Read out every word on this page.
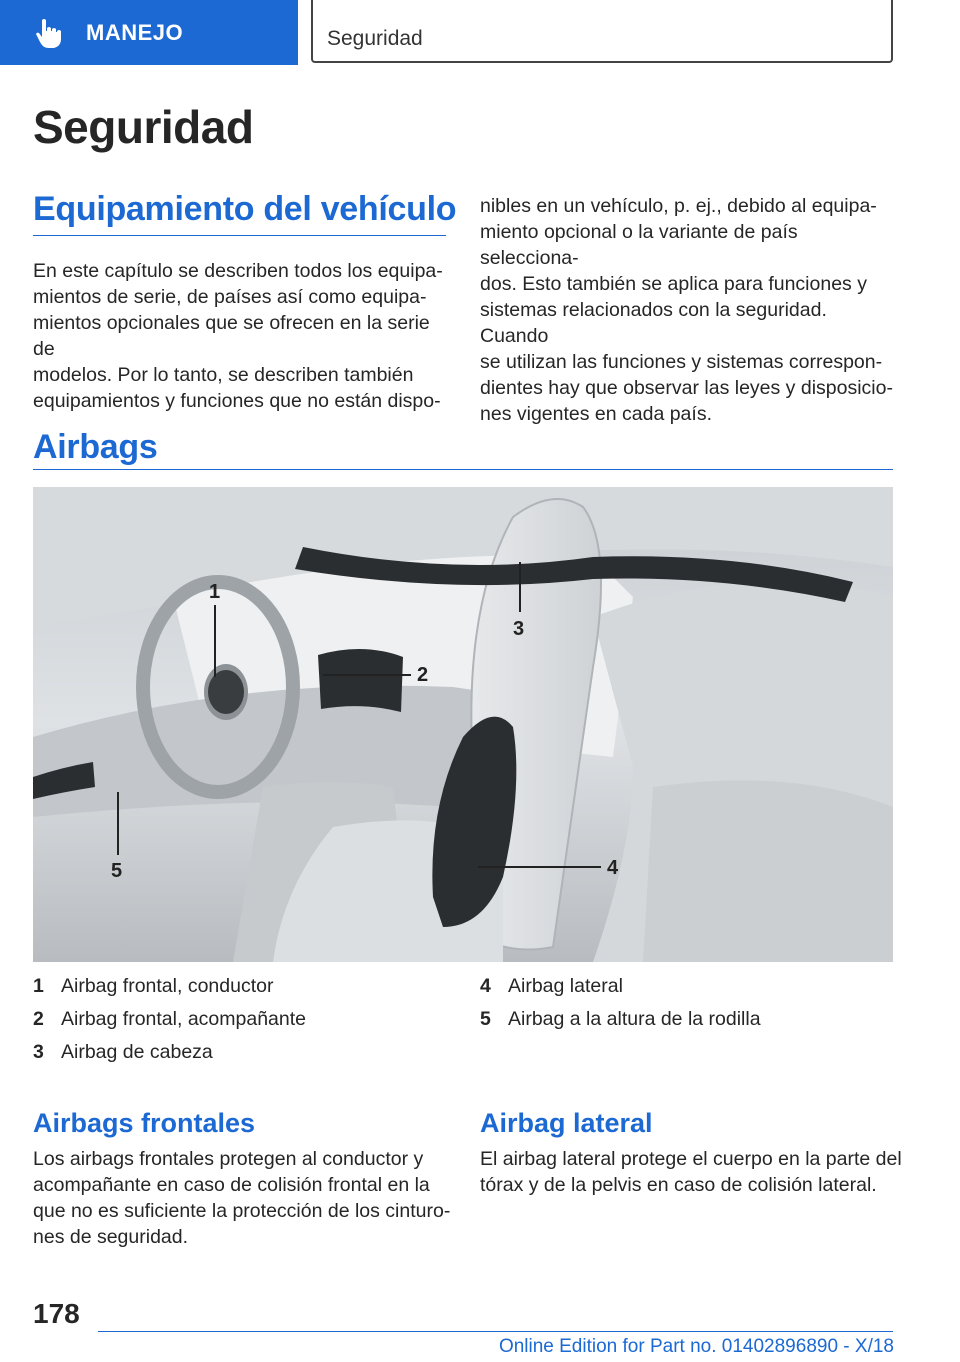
MANEJO	Seguridad
Seguridad
Equipamiento del vehículo
En este capítulo se describen todos los equipa-
mientos de serie, de países así como equipa-
mientos opcionales que se ofrecen en la serie de
modelos. Por lo tanto, se describen también
equipamientos y funciones que no están dispo-
nibles en un vehículo, p. ej., debido al equipa-
miento opcional o la variante de país selecciona-
dos. Esto también se aplica para funciones y
sistemas relacionados con la seguridad. Cuando
se utilizan las funciones y sistemas correspon-
dientes hay que observar las leyes y disposicio-
nes vigentes en cada país.
Airbags
1
2
3
4
5
1 Airbag frontal, conductor
2 Airbag frontal, acompañante
3 Airbag de cabeza
4 Airbag lateral
5 Airbag a la altura de la rodilla
Airbags frontales
Los airbags frontales protegen al conductor y
acompañante en caso de colisión frontal en la
que no es suficiente la protección de los cinturo-
nes de seguridad.
Airbag lateral
El airbag lateral protege el cuerpo en la parte del
tórax y de la pelvis en caso de colisión lateral.
178
Online Edition for Part no. 01402896890 - X/18
